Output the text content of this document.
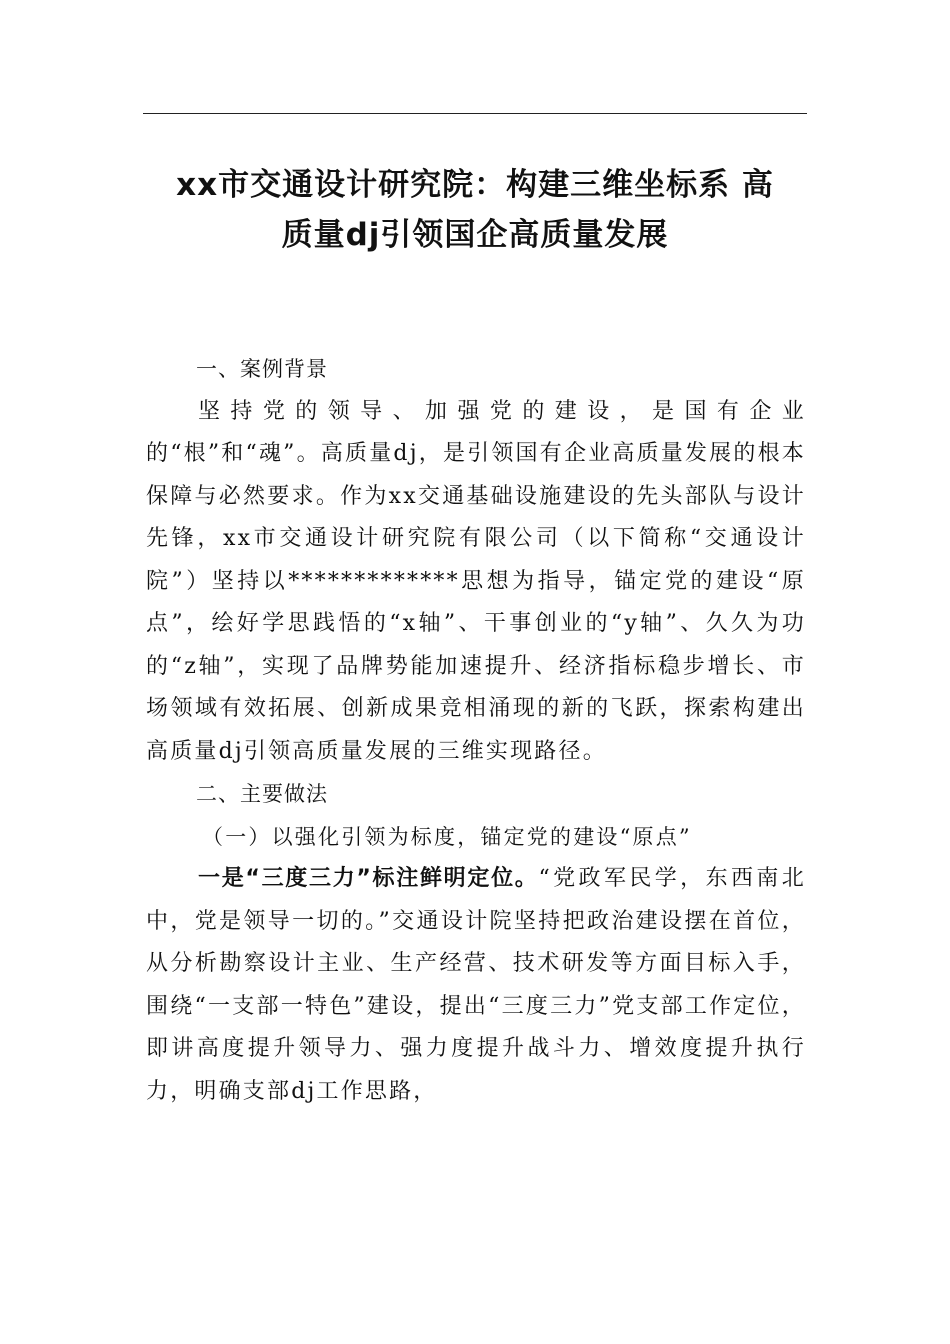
xx市交通设计研究院：构建三维坐标系 高
质量dj引领国企高质量发展

一、案例背景

坚持党的领导、加强党的建设，是国有企业的“根”和“魂”。高质量dj，是引领国有企业高质量发展的根本保障与必然要求。作为xx交通基础设施建设的先头部队与设计先锋，xx市交通设计研究院有限公司（以下简称“交通设计院”）坚持以*************思想为指导，锚定党的建设“原点”，绘好学思践悟的“x轴”、干事创业的“y轴”、久久为功的“z轴”，实现了品牌势能加速提升、经济指标稳步增长、市场领域有效拓展、创新成果竞相涌现的新的飞跃，探索构建出高质量dj引领高质量发展的三维实现路径。

二、主要做法

（一）以强化引领为标度，锚定党的建设“原点”

一是“三度三力”标注鲜明定位。“党政军民学，东西南北中，党是领导一切的。”交通设计院坚持把政治建设摆在首位，从分析勘察设计主业、生产经营、技术研发等方面目标入手，围绕“一支部一特色”建设，提出“三度三力”党支部工作定位，即讲高度提升领导力、强力度提升战斗力、增效度提升执行力，明确支部dj工作思路，
